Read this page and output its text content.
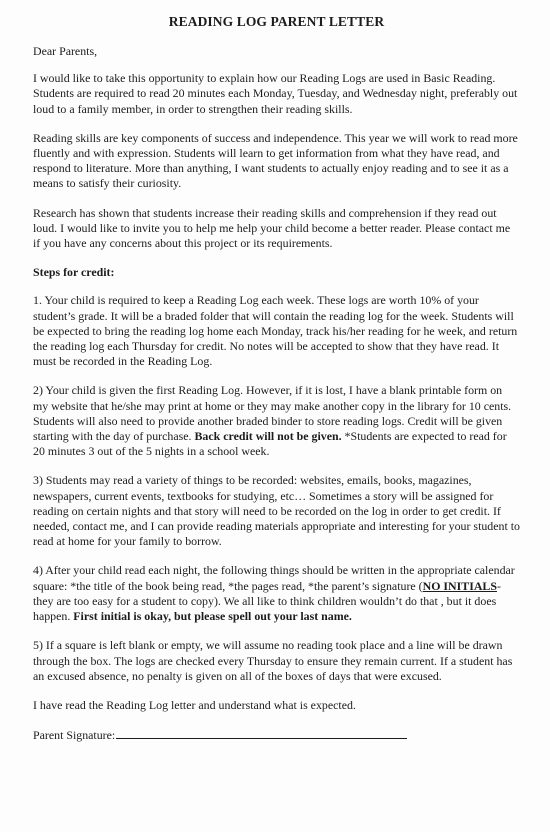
READING LOG PARENT LETTER
Dear Parents,
I would like to take this opportunity to explain how our Reading Logs are used in Basic Reading. Students are required to read 20 minutes each Monday, Tuesday, and Wednesday night, preferably out loud to a family member, in order to strengthen their reading skills.
Reading skills are key components of success and independence. This year we will work to read more fluently and with expression. Students will learn to get information from what they have read, and respond to literature. More than anything, I want students to actually enjoy reading and to see it as a means to satisfy their curiosity.
Research has shown that students increase their reading skills and comprehension if they read out loud. I would like to invite you to help me help your child become a better reader. Please contact me if you have any concerns about this project or its requirements.
Steps for credit:
1. Your child is required to keep a Reading Log each week. These logs are worth 10% of your student’s grade. It will be a braded folder that will contain the reading log for the week. Students will be expected to bring the reading log home each Monday, track his/her reading for he week, and return the reading log each Thursday for credit. No notes will be accepted to show that they have read. It must be recorded in the Reading Log.
2) Your child is given the first Reading Log. However, if it is lost, I have a blank printable form on my website that he/she may print at home or they may make another copy in the library for 10 cents. Students will also need to provide another braded binder to store reading logs. Credit will be given starting with the day of purchase. Back credit will not be given. *Students are expected to read for 20 minutes 3 out of the 5 nights in a school week.
3) Students may read a variety of things to be recorded: websites, emails, books, magazines, newspapers, current events, textbooks for studying, etc… Sometimes a story will be assigned for reading on certain nights and that story will need to be recorded on the log in order to get credit. If needed, contact me, and I can provide reading materials appropriate and interesting for your student to read at home for your family to borrow.
4) After your child read each night, the following things should be written in the appropriate calendar square: *the title of the book being read, *the pages read, *the parent’s signature (NO INITIALS-they are too easy for a student to copy). We all like to think children wouldn’t do that , but it does happen. First initial is okay, but please spell out your last name.
5) If a square is left blank or empty, we will assume no reading took place and a line will be drawn through the box. The logs are checked every Thursday to ensure they remain current. If a student has an excused absence, no penalty is given on all of the boxes of days that were excused.
I have read the Reading Log letter and understand what is expected.
Parent Signature:
